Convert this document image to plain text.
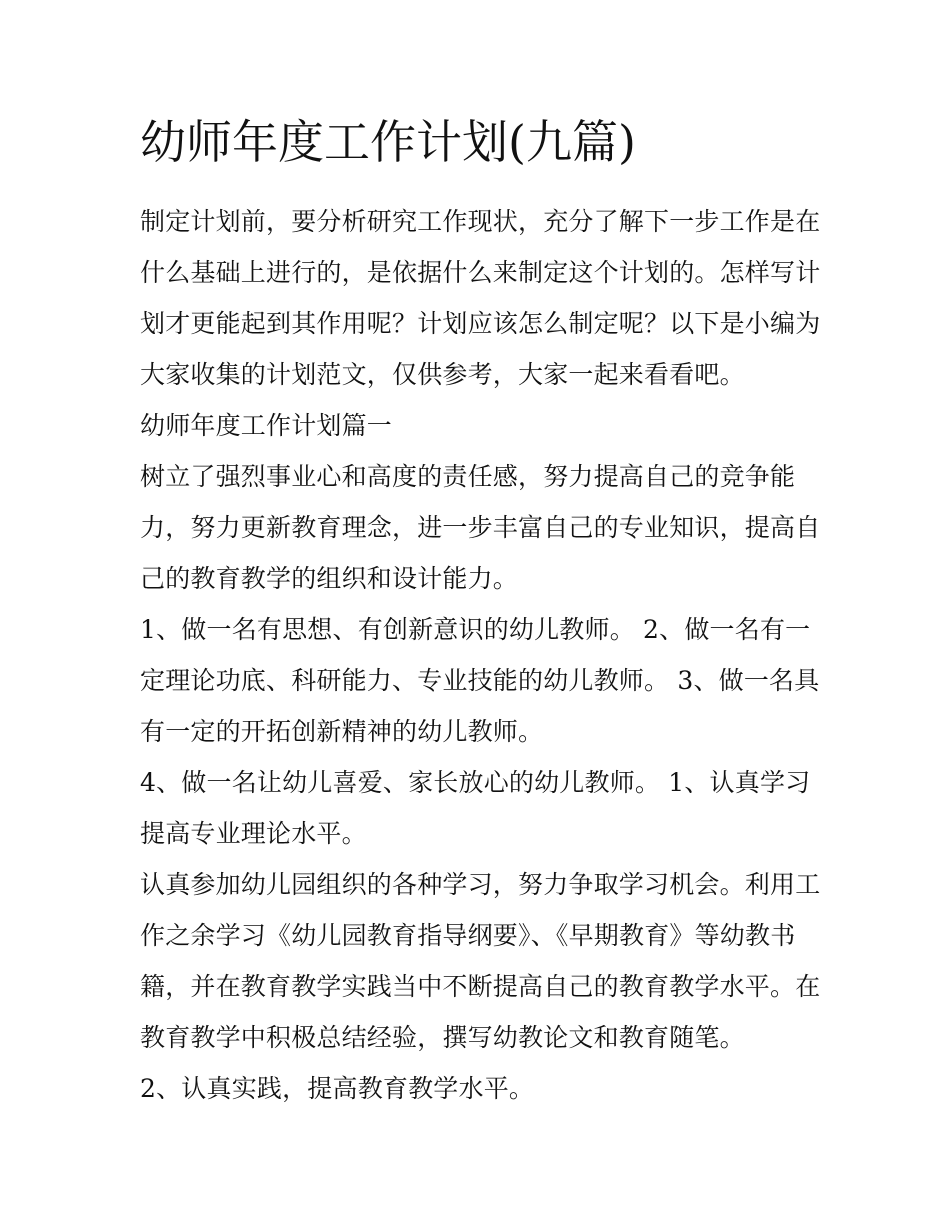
幼师年度工作计划(九篇)
制定计划前，要分析研究工作现状，充分了解下一步工作是在
什么基础上进行的，是依据什么来制定这个计划的。怎样写计
划才更能起到其作用呢？计划应该怎么制定呢？以下是小编为
大家收集的计划范文，仅供参考，大家一起来看看吧。
幼师年度工作计划篇一
树立了强烈事业心和高度的责任感，努力提高自己的竞争能
力，努力更新教育理念，进一步丰富自己的专业知识，提高自
己的教育教学的组织和设计能力。
1、做一名有思想、有创新意识的幼儿教师。 2、做一名有一
定理论功底、科研能力、专业技能的幼儿教师。 3、做一名具
有一定的开拓创新精神的幼儿教师。
4、做一名让幼儿喜爱、家长放心的幼儿教师。 1、认真学习
提高专业理论水平。
认真参加幼儿园组织的各种学习，努力争取学习机会。利用工
作之余学习《幼儿园教育指导纲要》、《早期教育》等幼教书
籍，并在教育教学实践当中不断提高自己的教育教学水平。在
教育教学中积极总结经验，撰写幼教论文和教育随笔。
2、认真实践，提高教育教学水平。
